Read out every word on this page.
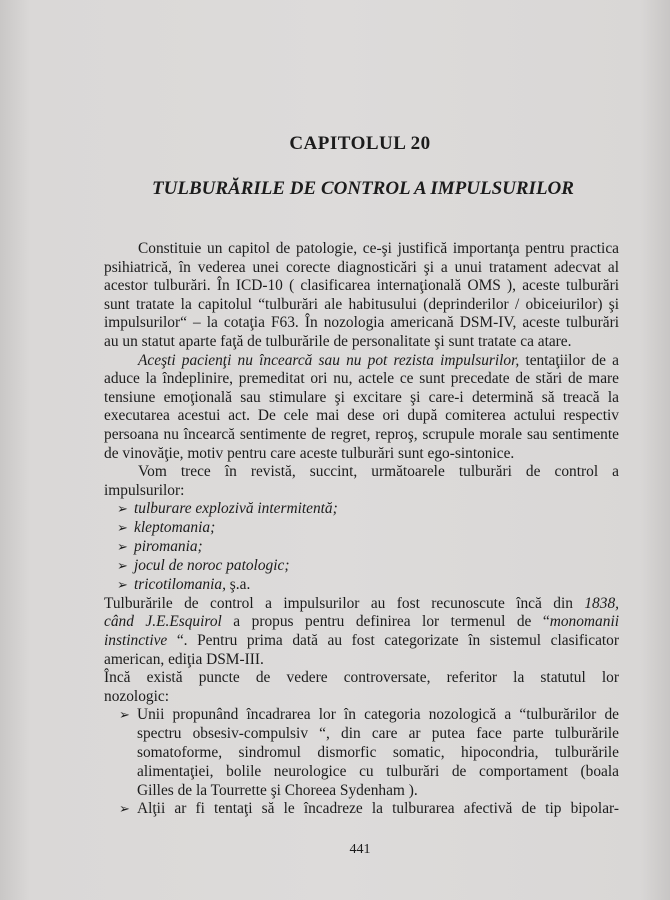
CAPITOLUL 20
TULBURĂRILE DE CONTROL A IMPULSURILOR

Constituie un capitol de patologie, ce-şi justifică importanţa pentru practica
psihiatrică, în vederea unei corecte diagnosticări şi a unui tratament adecvat al
acestor tulburări. În ICD-10 ( clasificarea internaţională OMS ), aceste tulburări
sunt tratate la capitolul “tulburări ale habitusului (deprinderilor / obiceiurilor) şi
impulsurilor“ – la cotaţia F63. În nozologia americană DSM-IV, aceste tulburări
au un statut aparte faţă de tulburările de personalitate şi sunt tratate ca atare.

Aceşti pacienţi nu încearcă sau nu pot rezista impulsurilor, tentaţiilor de a
aduce la îndeplinire, premeditat ori nu, actele ce sunt precedate de stări de mare
tensiune emoţională sau stimulare şi excitare şi care-i determină să treacă la
executarea acestui act. De cele mai dese ori după comiterea actului respectiv
persoana nu încearcă sentimente de regret, reproş, scrupule morale sau sentimente
de vinovăţie, motiv pentru care aceste tulburări sunt ego-sintonice.

Vom trece în revistă, succint, următoarele tulburări de control a
impulsurilor:

➢ tulburare explozivă intermitentă;
➢ kleptomania;
➢ piromania;
➢ jocul de noroc patologic;
➢ tricotilomania, ş.a.

Tulburările de control a impulsurilor au fost recunoscute încă din 1838,
când J.E.Esquirol a propus pentru definirea lor termenul de “monomanii
instinctive “. Pentru prima dată au fost categorizate în sistemul clasificator
american, ediţia DSM-III.

Încă există puncte de vedere controversate, referitor la statutul lor
nozologic:

➢ Unii propunând încadrarea lor în categoria nozologică a “tulburărilor de
spectru obsesiv-compulsiv “, din care ar putea face parte tulburările
somatoforme, sindromul dismorfic somatic, hipocondria, tulburările
alimentaţiei, bolile neurologice cu tulburări de comportament (boala
Gilles de la Tourrette şi Choreea Sydenham ).
➢ Alţii ar fi tentaţi să le încadreze la tulburarea afectivă de tip bipolar-
441
